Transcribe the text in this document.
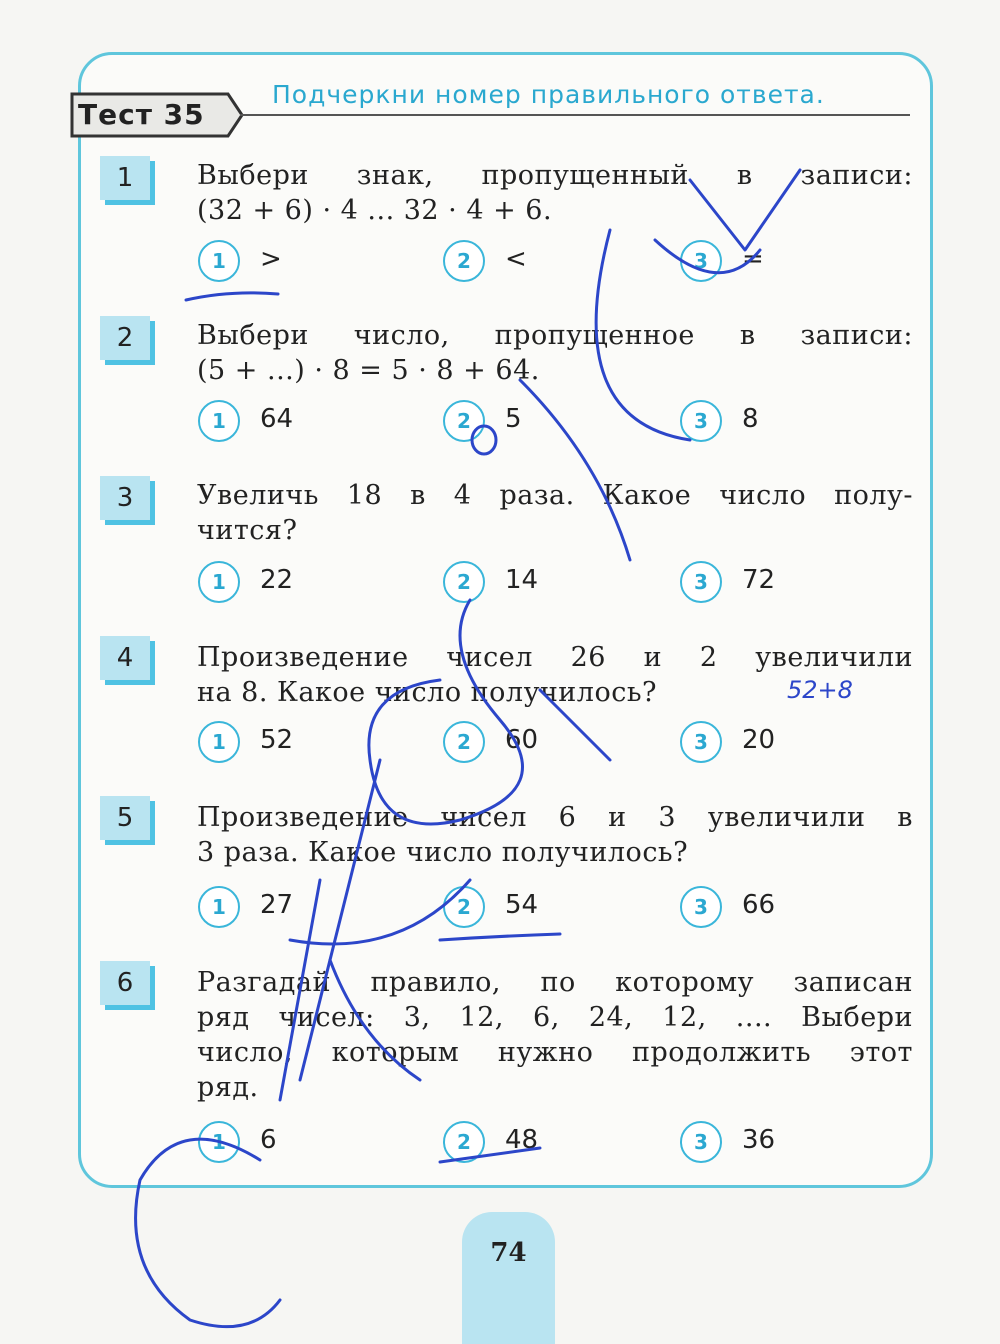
Тест 35
Подчеркни номер правильного ответа.
1	Выбери знак, пропущенный в записи:
(32 + 6) · 4 ... 32 · 4 + 6.
1	>	2	<	3	=
2	Выбери число, пропущенное в записи:
(5 + ...) · 8 = 5 · 8 + 64.
1	64	2	5	3	8
3	Увеличь 18 в 4 раза. Какое число полу-
чится?
1	22	2	14	3	72
4	Произведение чисел 26 и 2 увеличили
на 8. Какое число получилось?
1	52	2	60	3	20
5	Произведение чисел 6 и 3 увеличили в
3 раза. Какое число получилось?
1	27	2	54	3	66
6	Разгадай правило, по которому записан
ряд чисел: 3, 12, 6, 24, 12, .... Выбери
число, которым нужно продолжить этот
ряд.
1	6	2	48	3	36
52+8
74
